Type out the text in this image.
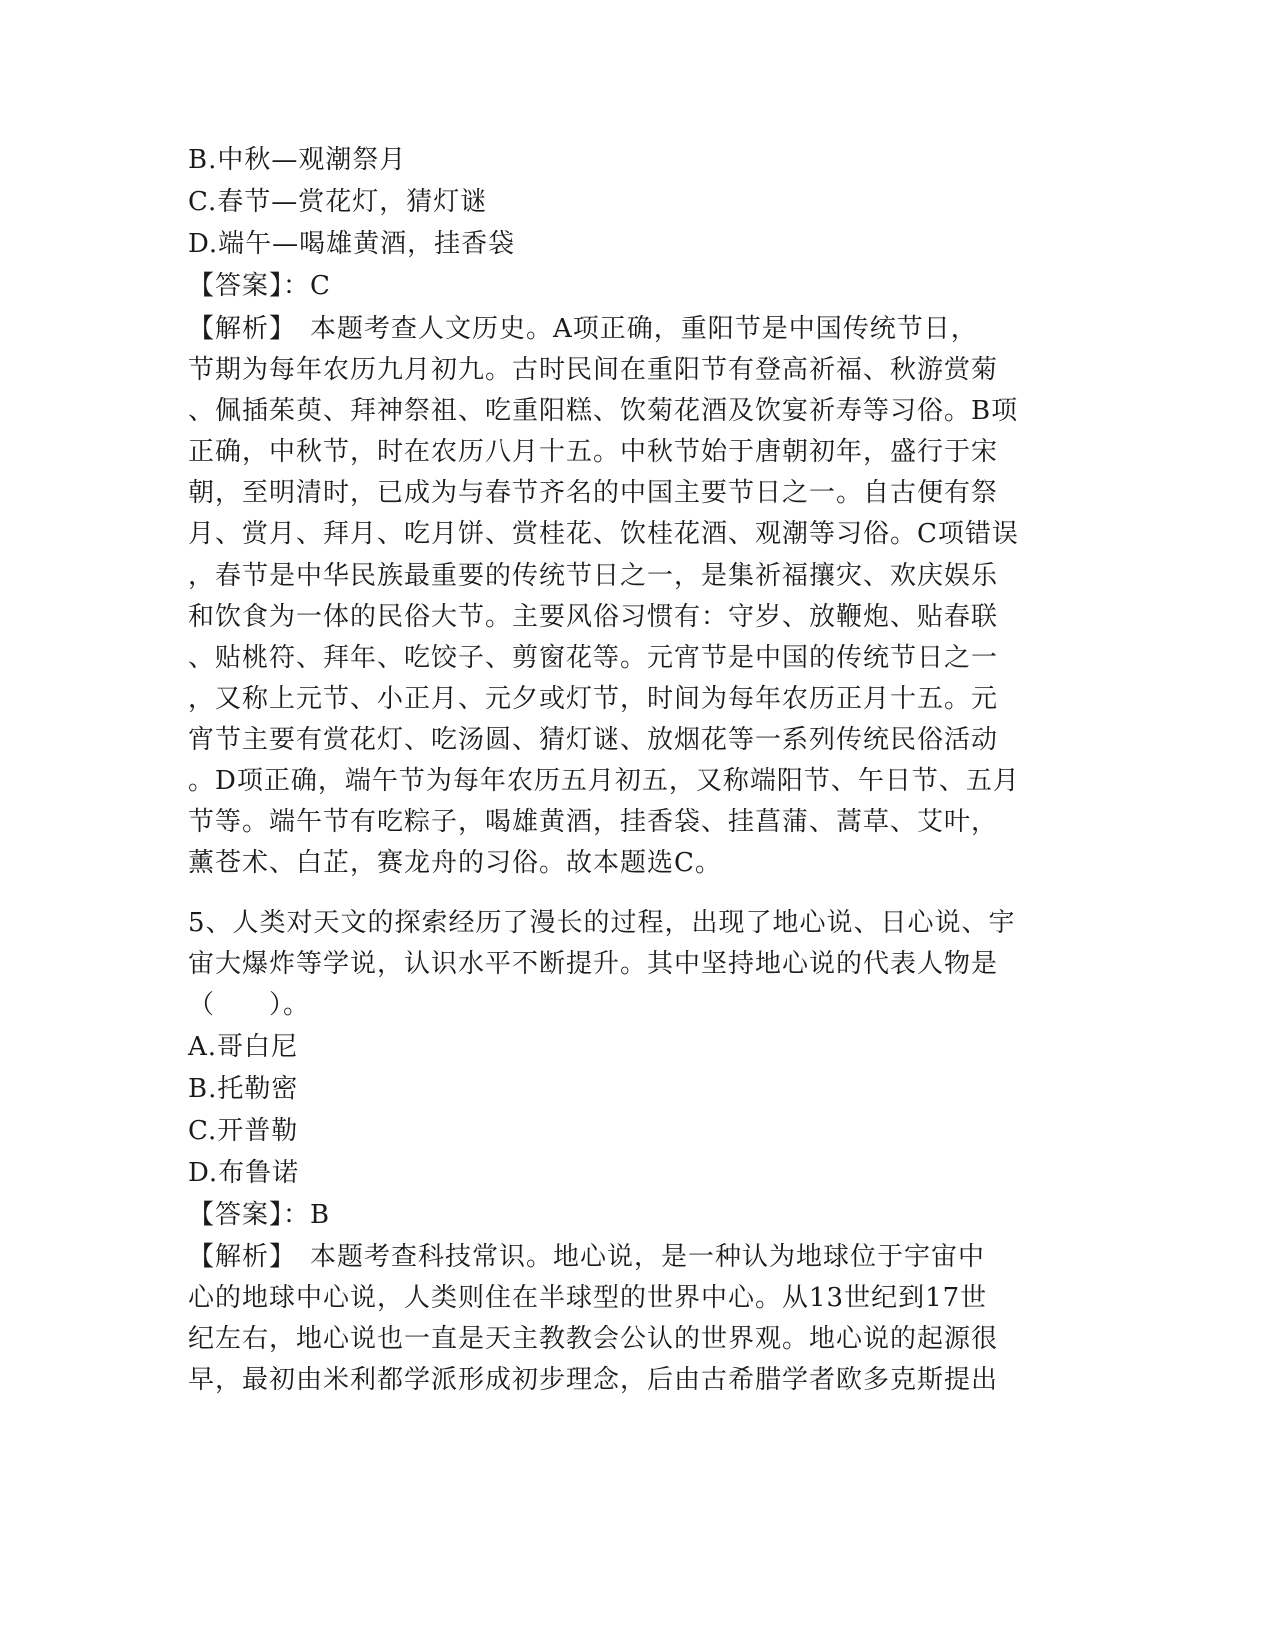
B.中秋—观潮祭月
C.春节—赏花灯，猜灯谜
D.端午—喝雄黄酒，挂香袋
【答案】：C
【解析】　本题考查人文历史。A项正确，重阳节是中国传统节日，
节期为每年农历九月初九。古时民间在重阳节有登高祈福、秋游赏菊
、佩插茱萸、拜神祭祖、吃重阳糕、饮菊花酒及饮宴祈寿等习俗。B项
正确，中秋节，时在农历八月十五。中秋节始于唐朝初年，盛行于宋
朝，至明清时，已成为与春节齐名的中国主要节日之一。自古便有祭
月、赏月、拜月、吃月饼、赏桂花、饮桂花酒、观潮等习俗。C项错误
，春节是中华民族最重要的传统节日之一，是集祈福攘灾、欢庆娱乐
和饮食为一体的民俗大节。主要风俗习惯有：守岁、放鞭炮、贴春联
、贴桃符、拜年、吃饺子、剪窗花等。元宵节是中国的传统节日之一
，又称上元节、小正月、元夕或灯节，时间为每年农历正月十五。元
宵节主要有赏花灯、吃汤圆、猜灯谜、放烟花等一系列传统民俗活动
。D项正确，端午节为每年农历五月初五，又称端阳节、午日节、五月
节等。端午节有吃粽子，喝雄黄酒，挂香袋、挂菖蒲、蒿草、艾叶，
薰苍术、白芷，赛龙舟的习俗。故本题选C。
5、人类对天文的探索经历了漫长的过程，出现了地心说、日心说、宇
宙大爆炸等学说，认识水平不断提升。其中坚持地心说的代表人物是
（　　）。
A.哥白尼
B.托勒密
C.开普勒
D.布鲁诺
【答案】：B
【解析】　本题考查科技常识。地心说，是一种认为地球位于宇宙中
心的地球中心说，人类则住在半球型的世界中心。从13世纪到17世
纪左右，地心说也一直是天主教教会公认的世界观。地心说的起源很
早，最初由米利都学派形成初步理念，后由古希腊学者欧多克斯提出
